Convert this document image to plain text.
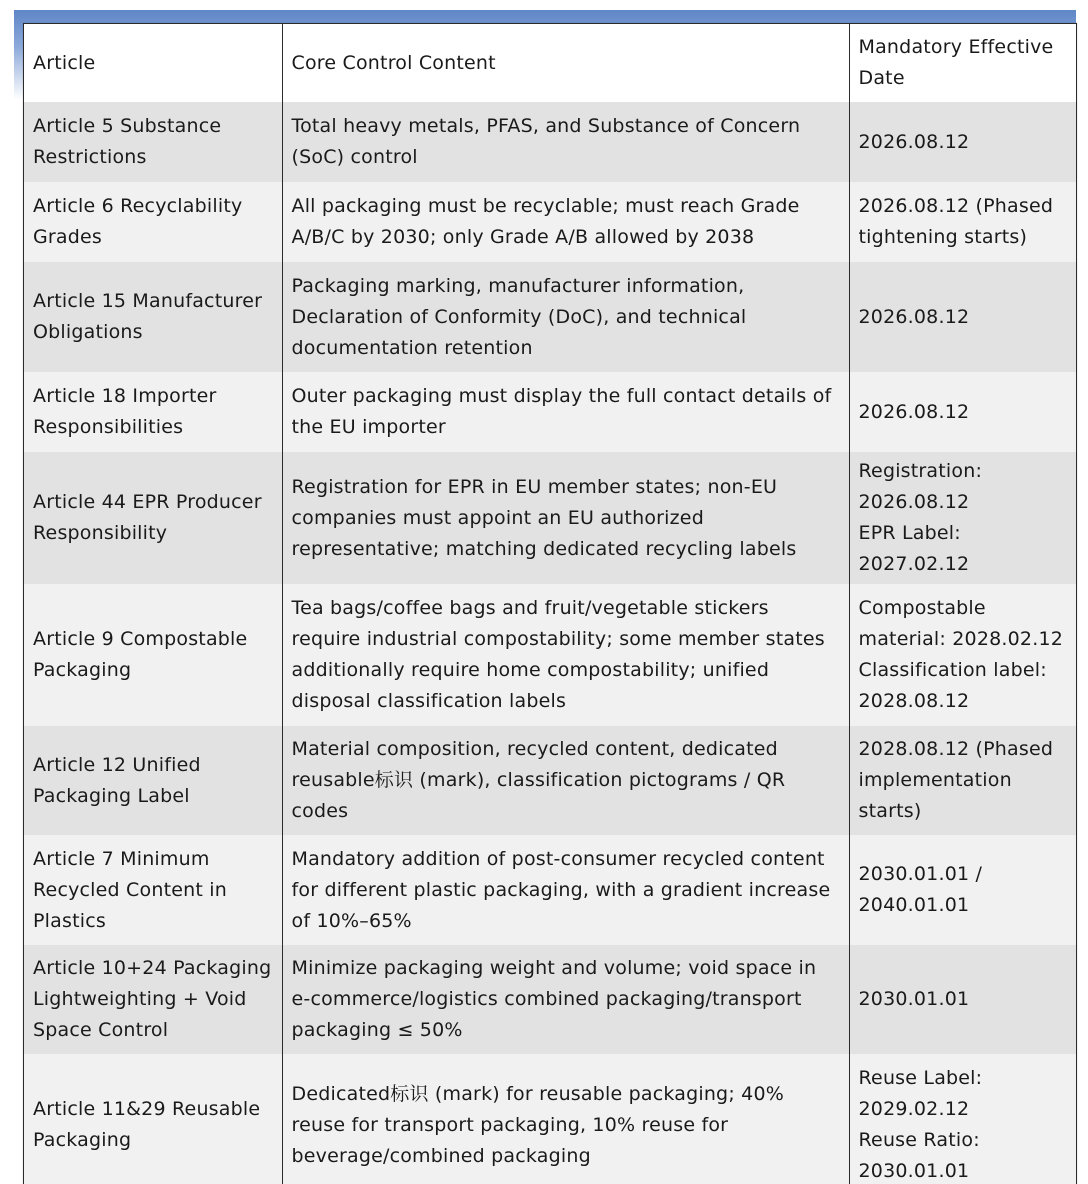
Article	Core Control Content	Mandatory Effective Date
Article 5 Substance Restrictions	Total heavy metals, PFAS, and Substance of Concern (SoC) control	2026.08.12
Article 6 Recyclability Grades	All packaging must be recyclable; must reach Grade A/B/C by 2030; only Grade A/B allowed by 2038	2026.08.12 (Phased tightening starts)
Article 15 Manufacturer Obligations	Packaging marking, manufacturer information, Declaration of Conformity (DoC), and technical documentation retention	2026.08.12
Article 18 Importer Responsibilities	Outer packaging must display the full contact details of the EU importer	2026.08.12
Article 44 EPR Producer Responsibility	Registration for EPR in EU member states; non-EU companies must appoint an EU authorized representative; matching dedicated recycling labels	Registration:
2026.08.12
EPR Label: 2027.02.12
Article 9 Compostable Packaging	Tea bags/coffee bags and fruit/vegetable stickers require industrial compostability; some member states additionally require home compostability; unified disposal classification labels	Compostable material: 2028.02.12
Classification label: 2028.08.12
Article 12 Unified Packaging Label	Material composition, recycled content, dedicated reusable标识 (mark), classification pictograms / QR codes	2028.08.12 (Phased implementation starts)
Article 7 Minimum Recycled Content in Plastics	Mandatory addition of post-consumer recycled content for different plastic packaging, with a gradient increase of 10%–65%	2030.01.01 /
2040.01.01
Article 10+24 Packaging Lightweighting + Void Space Control	Minimize packaging weight and volume; void space in e-commerce/logistics combined packaging/transport packaging ≤ 50%	2030.01.01
Article 11&29 Reusable Packaging	Dedicated标识 (mark) for reusable packaging; 40% reuse for transport packaging, 10% reuse for beverage/combined packaging	Reuse Label:
2029.02.12
Reuse Ratio:
2030.01.01
